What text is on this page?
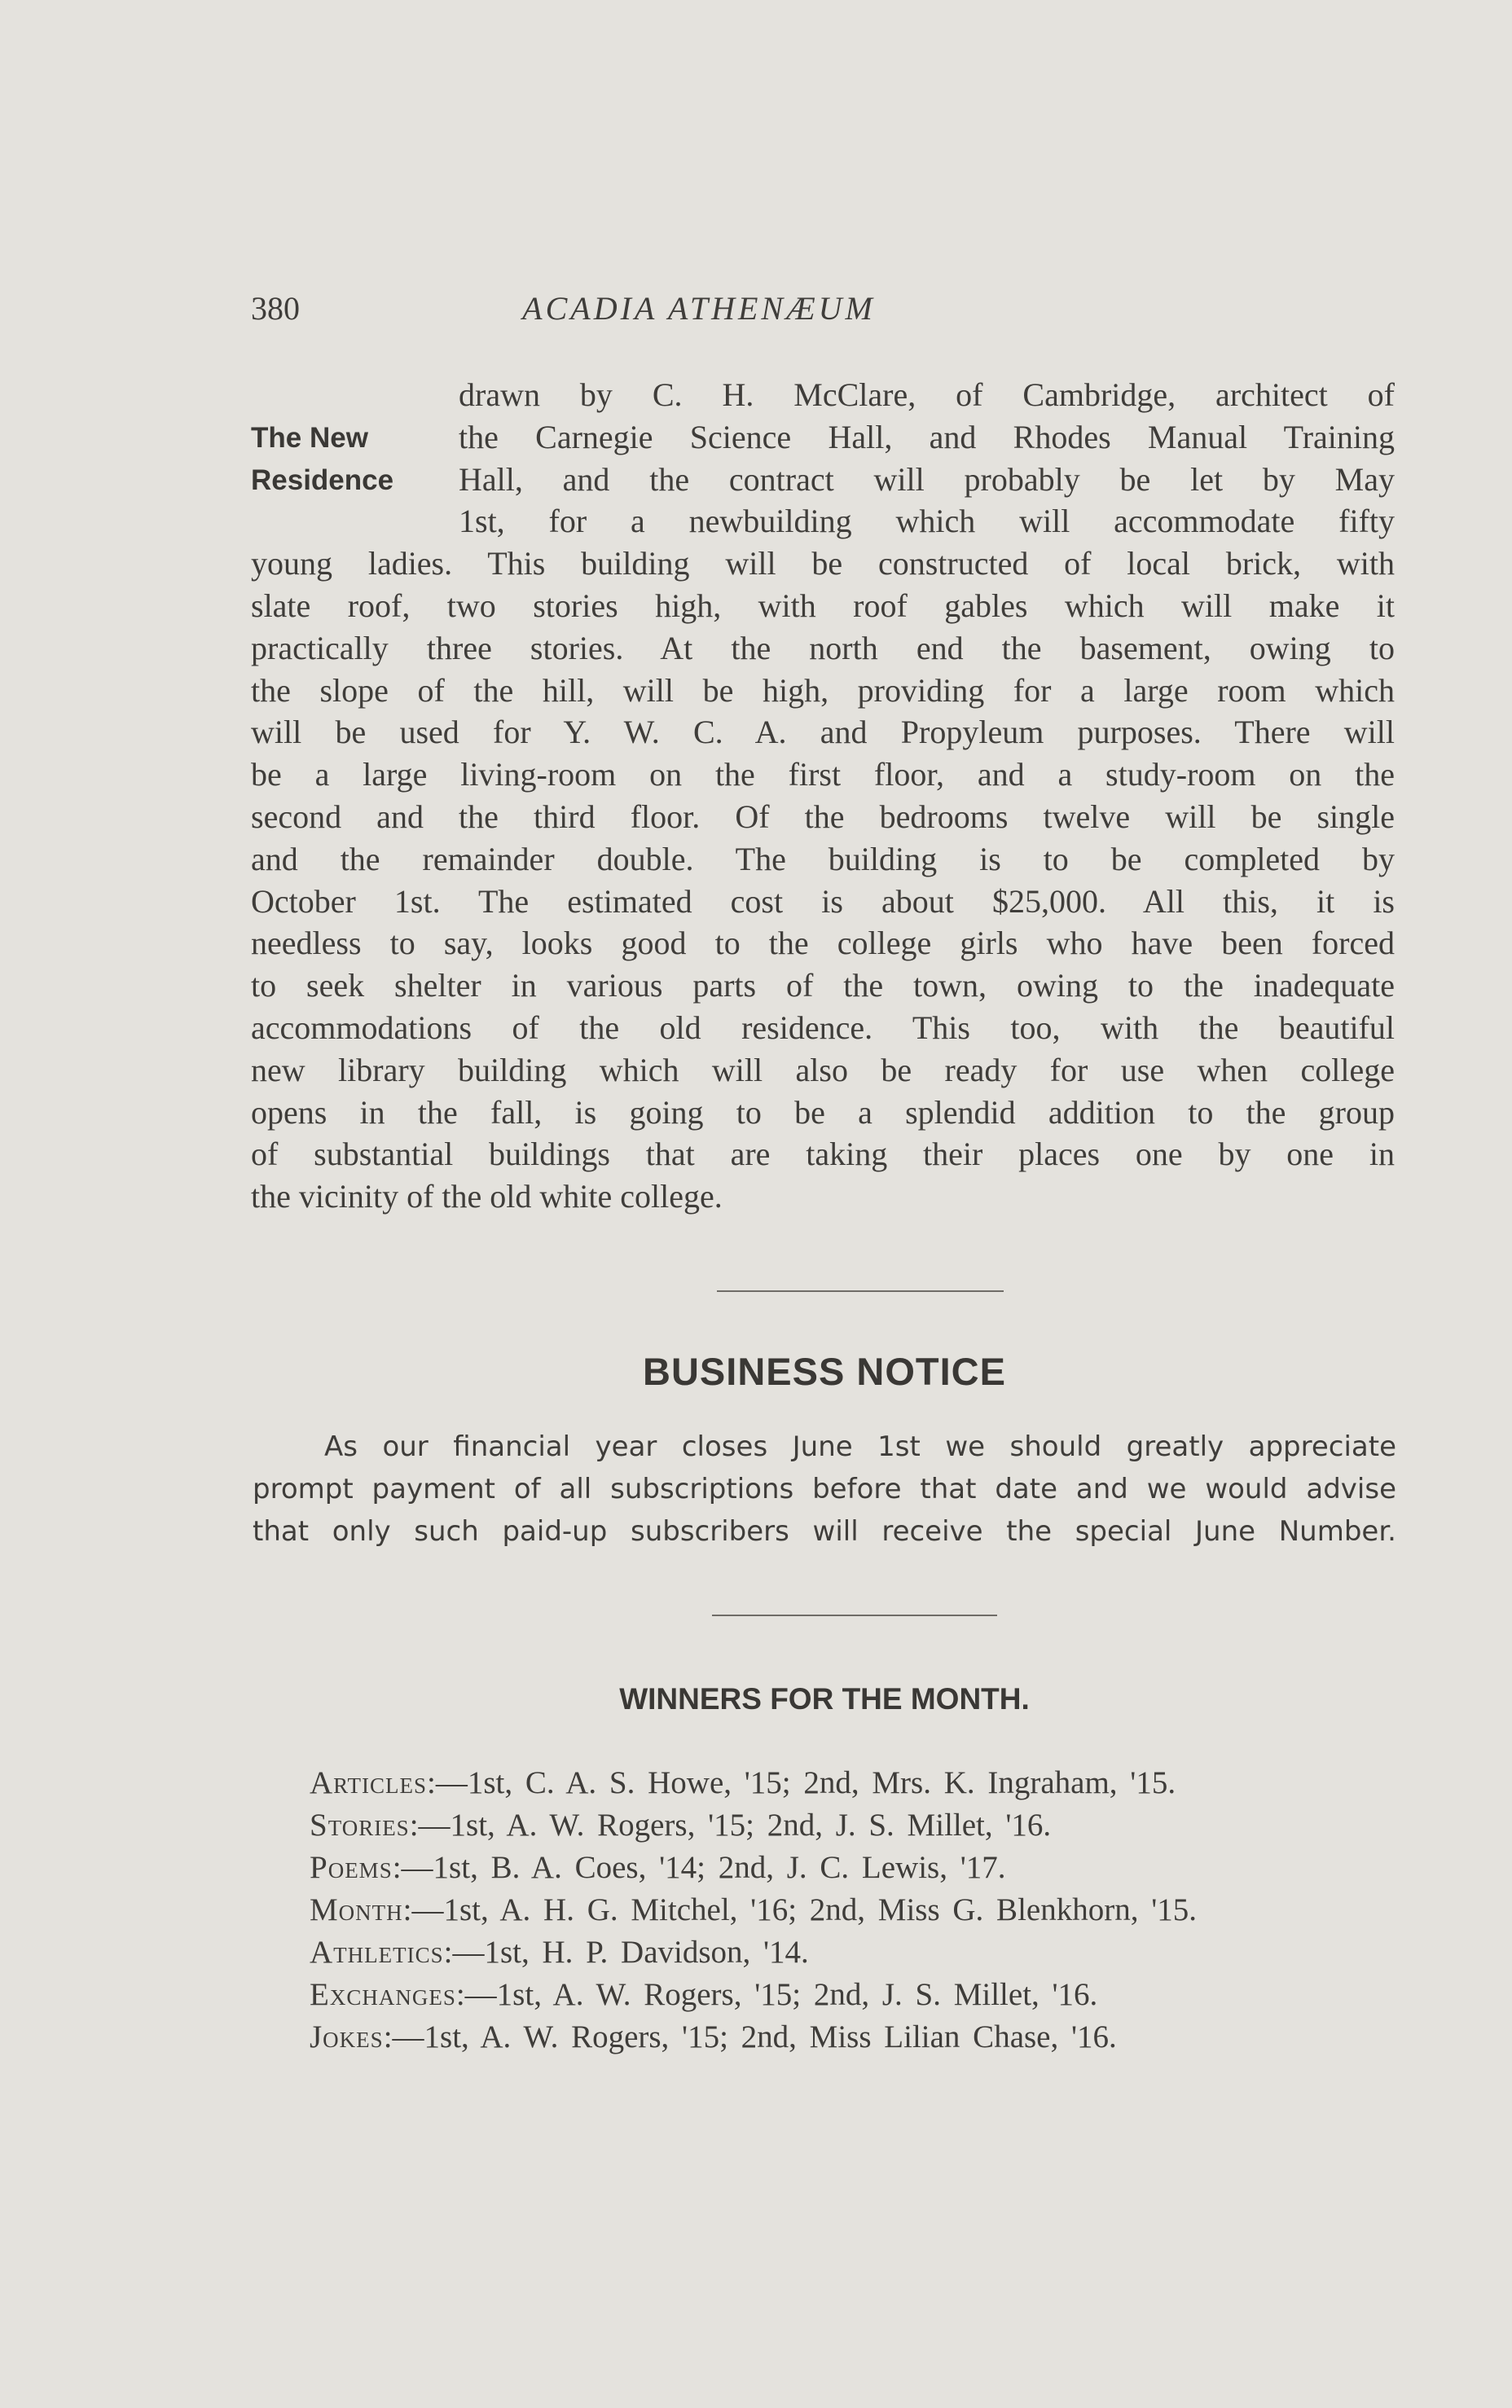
380	ACADIA ATHENÆUM
The New
Residence
drawn by C. H. McClare, of Cambridge, architect of
the Carnegie Science Hall, and Rhodes Manual Training
Hall, and the contract will probably be let by May
1st, for a newbuilding which will accommodate fifty
young ladies. This building will be constructed of local brick, with
slate roof, two stories high, with roof gables which will make it
practically three stories. At the north end the basement, owing to
the slope of the hill, will be high, providing for a large room which
will be used for Y. W. C. A. and Propyleum purposes. There will
be a large living-room on the first floor, and a study-room on the
second and the third floor. Of the bedrooms twelve will be single
and the remainder double. The building is to be completed by
October 1st. The estimated cost is about $25,000. All this, it is
needless to say, looks good to the college girls who have been forced
to seek shelter in various parts of the town, owing to the inadequate
accommodations of the old residence. This too, with the beautiful
new library building which will also be ready for use when college
opens in the fall, is going to be a splendid addition to the group
of substantial buildings that are taking their places one by one in
the vicinity of the old white college.
BUSINESS NOTICE
As our financial year closes June 1st we should greatly appreciate
prompt payment of all subscriptions before that date and we would advise
that only such paid-up subscribers will receive the special June Number.
WINNERS FOR THE MONTH.
Articles:—1st, C. A. S. Howe, '15; 2nd, Mrs. K. Ingraham, '15.
Stories:—1st, A. W. Rogers, '15; 2nd, J. S. Millet, '16.
Poems:—1st, B. A. Coes, '14; 2nd, J. C. Lewis, '17.
Month:—1st, A. H. G. Mitchel, '16; 2nd, Miss G. Blenkhorn, '15.
Athletics:—1st, H. P. Davidson, '14.
Exchanges:—1st, A. W. Rogers, '15; 2nd, J. S. Millet, '16.
Jokes:—1st, A. W. Rogers, '15; 2nd, Miss Lilian Chase, '16.
